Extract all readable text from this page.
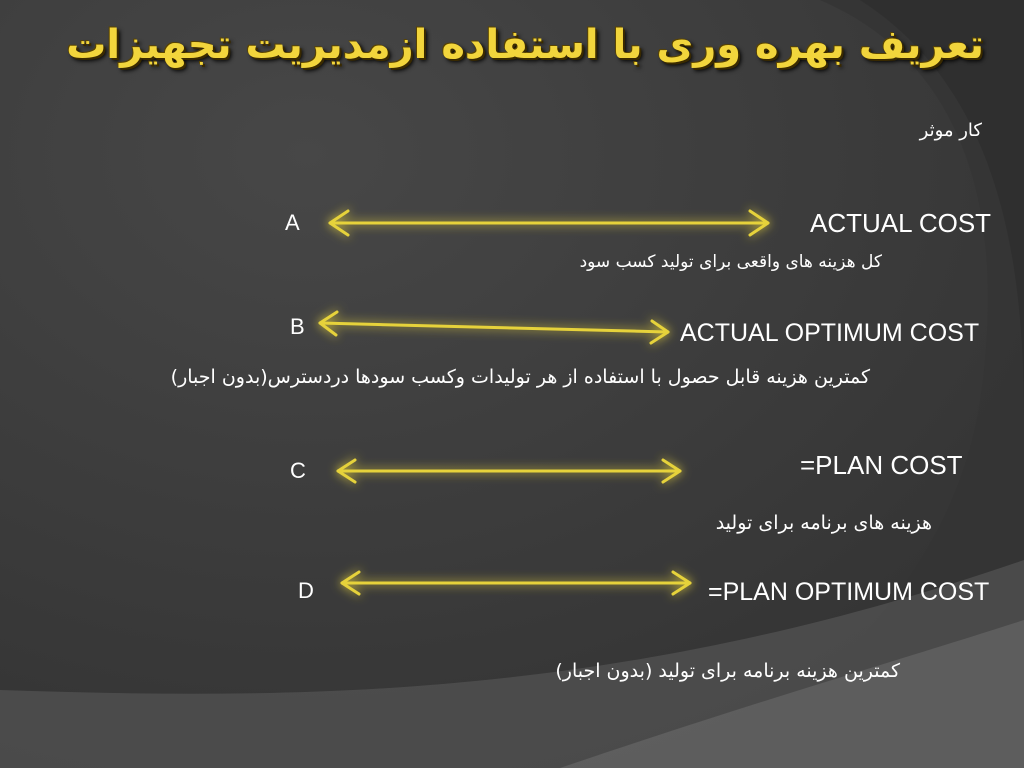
تعریف بهره وری با استفاده ازمدیریت تجهیزات
کار موثر
A	ACTUAL COST
کل هزینه های واقعی برای تولید کسب سود
B	ACTUAL OPTIMUM COST
کمترین هزینه قابل حصول با استفاده از هر تولیدات وکسب سودها دردسترس(بدون اجبار)
C	=PLAN COST
هزینه های برنامه برای تولید
D	=PLAN OPTIMUM COST
کمترین هزینه برنامه برای تولید (بدون اجبار)
